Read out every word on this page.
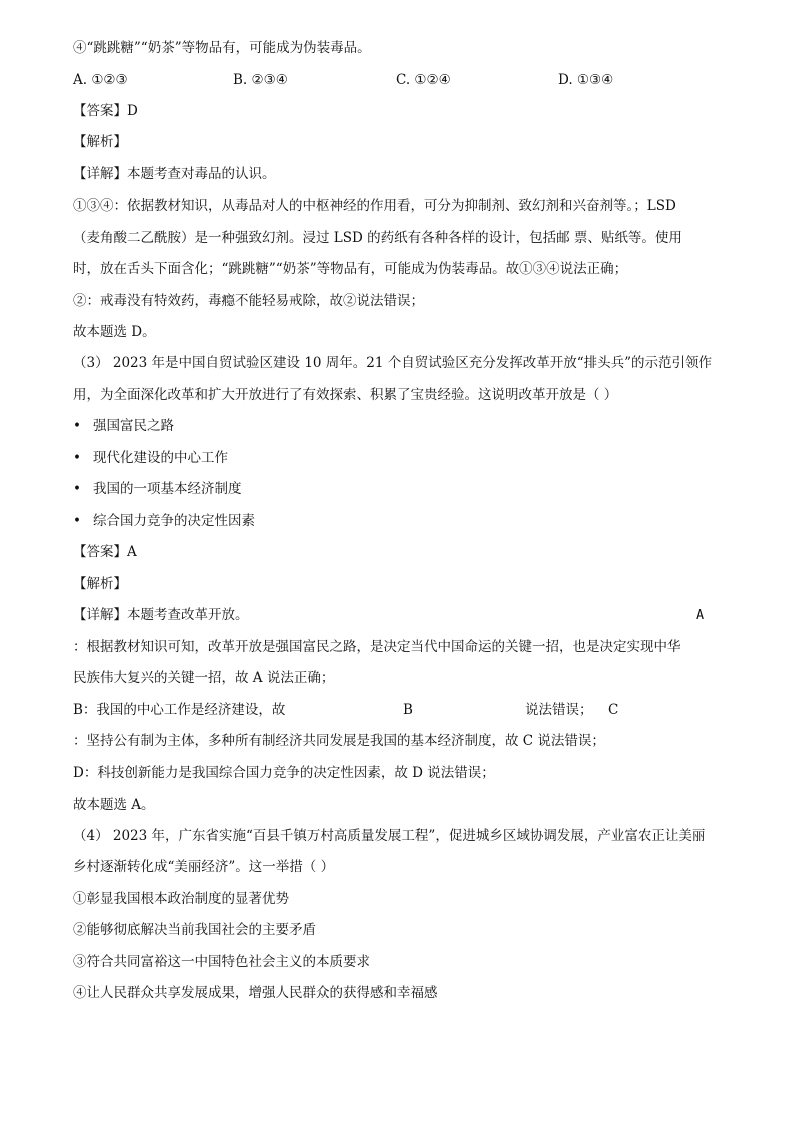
④“跳跳糖”“奶茶”等物品有，可能成为伪装毒品。
A. ①②③	B. ②③④	C. ①②④	D. ①③④
【答案】D
【解析】
【详解】本题考查对毒品的认识。
①③④：依据教材知识，从毒品对人的中枢神经的作用看，可分为抑制剂、致幻剂和兴奋剂等。；LSD
（麦角酸二乙酰胺）是一种强致幻剂。浸过 LSD 的药纸有各种各样的设计，包括邮 票、贴纸等。使用
时，放在舌头下面含化；“跳跳糖”“奶茶”等物品有，可能成为伪装毒品。故①③④说法正确；
②：戒毒没有特效药，毒瘾不能轻易戒除，故②说法错误；
故本题选 D。
（3） 2023 年是中国自贸试验区建设 10 周年。21 个自贸试验区充分发挥改革开放“排头兵”的示范引领作
用，为全面深化改革和扩大开放进行了有效探索、积累了宝贵经验。这说明改革开放是（ ）
• 强国富民之路
• 现代化建设的中心工作
• 我国的一项基本经济制度
• 综合国力竞争的决定性因素
【答案】A
【解析】
【详解】本题考查改革开放。	A
：根据教材知识可知，改革开放是强国富民之路，是决定当代中国命运的关键一招，也是决定实现中华
民族伟大复兴的关键一招，故 A 说法正确；
B：我国的中心工作是经济建设，故	B	说法错误； C
：坚持公有制为主体，多种所有制经济共同发展是我国的基本经济制度，故 C 说法错误；
D：科技创新能力是我国综合国力竞争的决定性因素，故 D 说法错误；
故本题选 A。
（4） 2023 年，广东省实施“百县千镇万村高质量发展工程”，促进城乡区域协调发展，产业富农正让美丽
乡村逐渐转化成“美丽经济”。这一举措（ ）
①彰显我国根本政治制度的显著优势
②能够彻底解决当前我国社会的主要矛盾
③符合共同富裕这一中国特色社会主义的本质要求
④让人民群众共享发展成果，增强人民群众的获得感和幸福感
